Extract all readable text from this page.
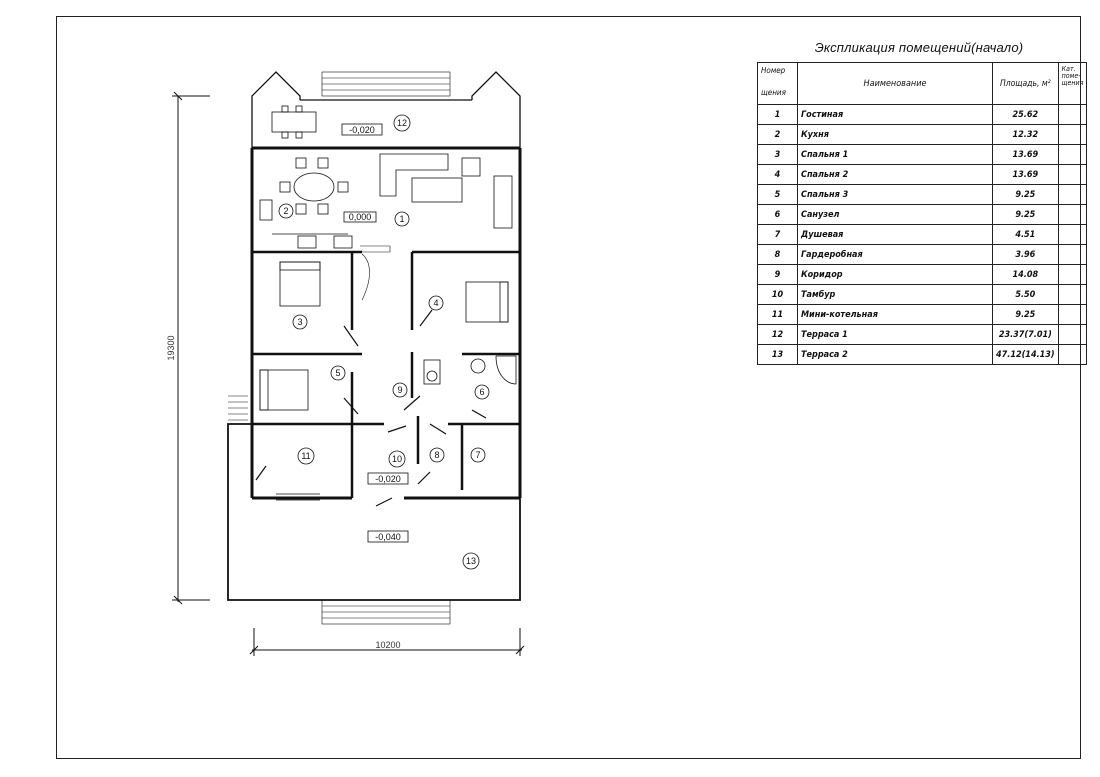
Экспликация помещений(начало)
Номер

щения	Наименование	Площадь, м²	Кат. поме- щения
1	Гостиная	25.62	
2	Кухня	12.32	
3	Спальня 1	13.69	
4	Спальня 2	13.69	
5	Спальня 3	9.25	
6	Санузел	9.25	
7	Душевая	4.51	
8	Гардеробная	3.96	
9	Коридор	14.08	
10	Тамбур	5.50	
11	Мини-котельная	9.25	
12	Терраса 1	23.37(7.01)	
13	Терраса 2	47.12(14.13)	
-0,020
0,000
-0,020
-0,040
10200
19300
12
1
2
3
4
5
9	6
11	10	8	7
13
